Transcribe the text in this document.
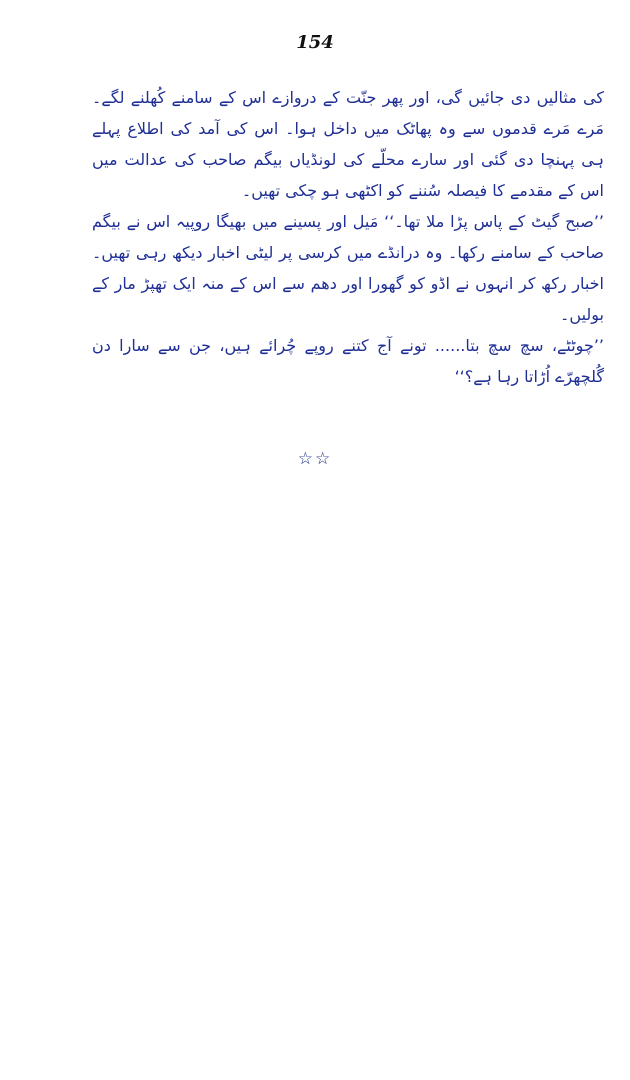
154

کی مثالیں دی جائیں گی، اور پھر جنّت کے دروازے اس کے سامنے کُھلنے لگے۔ مَرے مَرے قدموں سے وہ پھاٹک میں داخل ہوا۔ اس کی آمد کی اطلاع پہلے ہی پہنچا دی گئی اور سارے محلّے کی لونڈیاں بیگم صاحب کی عدالت میں اس کے مقدمے کا فیصلہ سُننے کو اکٹھی ہو چکی تھیں۔

’’صبح گیٹ کے پاس پڑا ملا تھا۔‘‘ مَیل اور پسینے میں بھیگا روپیہ اس نے بیگم صاحب کے سامنے رکھا۔ وہ درانڈے میں کرسی پر لیٹی اخبار دیکھ رہی تھیں۔ اخبار رکھ کر انہوں نے اڈو کو گھورا اور دھم سے اس کے منہ ایک تھپڑ مار کے بولیں۔

’’چوٹٹے، سچ سچ بتا...... تونے آج کتنے روپے چُرائے ہیں، جن سے سارا دن گُلچھرّے اُڑاتا رہا ہے؟‘‘

☆☆
